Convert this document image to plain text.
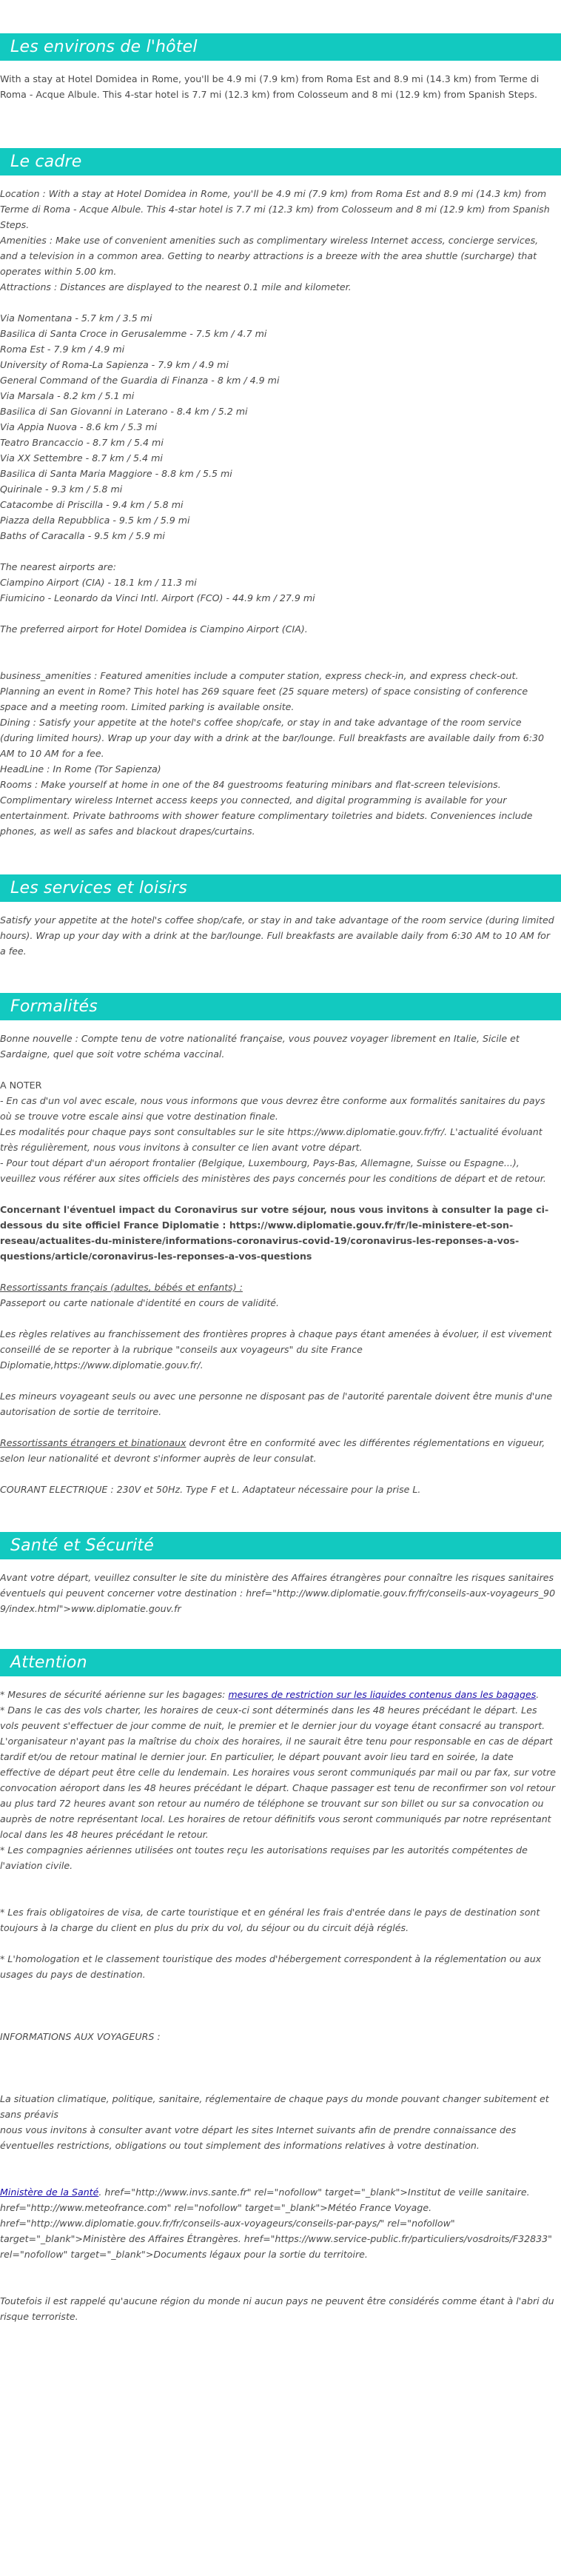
Les environs de l'hôtel

With a stay at Hotel Domidea in Rome, you'll be 4.9 mi (7.9 km) from Roma Est and 8.9 mi (14.3 km) from Terme di Roma - Acque Albule. This 4-star hotel is 7.7 mi (12.3 km) from Colosseum and 8 mi (12.9 km) from Spanish Steps.

Le cadre

Location : With a stay at Hotel Domidea in Rome, you'll be 4.9 mi (7.9 km) from Roma Est and 8.9 mi (14.3 km) from Terme di Roma - Acque Albule. This 4-star hotel is 7.7 mi (12.3 km) from Colosseum and 8 mi (12.9 km) from Spanish Steps.

Amenities : Make use of convenient amenities such as complimentary wireless Internet access, concierge services, and a television in a common area. Getting to nearby attractions is a breeze with the area shuttle (surcharge) that operates within 5.00 km.

Attractions : Distances are displayed to the nearest 0.1 mile and kilometer.

Via Nomentana - 5.7 km / 3.5 mi

Basilica di Santa Croce in Gerusalemme - 7.5 km / 4.7 mi

Roma Est - 7.9 km / 4.9 mi

University of Roma-La Sapienza - 7.9 km / 4.9 mi

General Command of the Guardia di Finanza - 8 km / 4.9 mi

Via Marsala - 8.2 km / 5.1 mi

Basilica di San Giovanni in Laterano - 8.4 km / 5.2 mi

Via Appia Nuova - 8.6 km / 5.3 mi

Teatro Brancaccio - 8.7 km / 5.4 mi

Via XX Settembre - 8.7 km / 5.4 mi

Basilica di Santa Maria Maggiore - 8.8 km / 5.5 mi

Quirinale - 9.3 km / 5.8 mi

Catacombe di Priscilla - 9.4 km / 5.8 mi

Piazza della Repubblica - 9.5 km / 5.9 mi

Baths of Caracalla - 9.5 km / 5.9 mi

The nearest airports are:

Ciampino Airport (CIA) - 18.1 km / 11.3 mi

Fiumicino - Leonardo da Vinci Intl. Airport (FCO) - 44.9 km / 27.9 mi

The preferred airport for Hotel Domidea is Ciampino Airport (CIA).

business_amenities : Featured amenities include a computer station, express check-in, and express check-out. Planning an event in Rome? This hotel has 269 square feet (25 square meters) of space consisting of conference space and a meeting room. Limited parking is available onsite.

Dining : Satisfy your appetite at the hotel's coffee shop/cafe, or stay in and take advantage of the room service (during limited hours). Wrap up your day with a drink at the bar/lounge. Full breakfasts are available daily from 6:30 AM to 10 AM for a fee.

HeadLine : In Rome (Tor Sapienza)

Rooms : Make yourself at home in one of the 84 guestrooms featuring minibars and flat-screen televisions. Complimentary wireless Internet access keeps you connected, and digital programming is available for your entertainment. Private bathrooms with shower feature complimentary toiletries and bidets. Conveniences include phones, as well as safes and blackout drapes/curtains.

Les services et loisirs

Satisfy your appetite at the hotel's coffee shop/cafe, or stay in and take advantage of the room service (during limited hours). Wrap up your day with a drink at the bar/lounge. Full breakfasts are available daily from 6:30 AM to 10 AM for a fee.

Formalités

Bonne nouvelle : Compte tenu de votre nationalité française, vous pouvez voyager librement en Italie, Sicile et Sardaigne, quel que soit votre schéma vaccinal.

A NOTER

- En cas d'un vol avec escale, nous vous informons que vous devrez être conforme aux formalités sanitaires du pays où se trouve votre escale ainsi que votre destination finale.

Les modalités pour chaque pays sont consultables sur le site https://www.diplomatie.gouv.fr/fr/. L'actualité évoluant très régulièrement, nous vous invitons à consulter ce lien avant votre départ.

- Pour tout départ d'un aéroport frontalier (Belgique, Luxembourg, Pays-Bas, Allemagne, Suisse ou Espagne...), veuillez vous référer aux sites officiels des ministères des pays concernés pour les conditions de départ et de retour.

Concernant l'éventuel impact du Coronavirus sur votre séjour, nous vous invitons à consulter la page ci-dessous du site officiel France Diplomatie : https://www.diplomatie.gouv.fr/fr/le-ministere-et-son-reseau/actualites-du-ministere/informations-coronavirus-covid-19/coronavirus-les-reponses-a-vos-questions/article/coronavirus-les-reponses-a-vos-questions

Ressortissants français (adultes, bébés et enfants) :

Passeport ou carte nationale d'identité en cours de validité.

Les règles relatives au franchissement des frontières propres à chaque pays étant amenées à évoluer, il est vivement conseillé de se reporter à la rubrique "conseils aux voyageurs" du site France Diplomatie,https://www.diplomatie.gouv.fr/.

Les mineurs voyageant seuls ou avec une personne ne disposant pas de l'autorité parentale doivent être munis d'une autorisation de sortie de territoire.

Ressortissants étrangers et binationaux devront être en conformité avec les différentes réglementations en vigueur, selon leur nationalité et devront s'informer auprès de leur consulat.

COURANT ELECTRIQUE : 230V et 50Hz. Type F et L. Adaptateur nécessaire pour la prise L.

Santé et Sécurité

Avant votre départ, veuillez consulter le site du ministère des Affaires étrangères pour connaître les risques sanitaires éventuels qui peuvent concerner votre destination : href="http://www.diplomatie.gouv.fr/fr/conseils-aux-voyageurs_909/index.html">www.diplomatie.gouv.fr

Attention

* Mesures de sécurité aérienne sur les bagages: mesures de restriction sur les liquides contenus dans les bagages.

* Dans le cas des vols charter, les horaires de ceux-ci sont déterminés dans les 48 heures précédant le départ. Les vols peuvent s'effectuer de jour comme de nuit, le premier et le dernier jour du voyage étant consacré au transport. L'organisateur n'ayant pas la maîtrise du choix des horaires, il ne saurait être tenu pour responsable en cas de départ tardif et/ou de retour matinal le dernier jour. En particulier, le départ pouvant avoir lieu tard en soirée, la date effective de départ peut être celle du lendemain. Les horaires vous seront communiqués par mail ou par fax, sur votre convocation aéroport dans les 48 heures précédant le départ. Chaque passager est tenu de reconfirmer son vol retour au plus tard 72 heures avant son retour au numéro de téléphone se trouvant sur son billet ou sur sa convocation ou auprès de notre représentant local. Les horaires de retour définitifs vous seront communiqués par notre représentant local dans les 48 heures précédant le retour.

* Les compagnies aériennes utilisées ont toutes reçu les autorisations requises par les autorités compétentes de l'aviation civile.

* Les frais obligatoires de visa, de carte touristique et en général les frais d'entrée dans le pays de destination sont toujours à la charge du client en plus du prix du vol, du séjour ou du circuit déjà réglés.

* L'homologation et le classement touristique des modes d'hébergement correspondent à la réglementation ou aux usages du pays de destination.

INFORMATIONS AUX VOYAGEURS :

La situation climatique, politique, sanitaire, réglementaire de chaque pays du monde pouvant changer subitement et sans préavis

nous vous invitons à consulter avant votre départ les sites Internet suivants afin de prendre connaissance des éventuelles restrictions, obligations ou tout simplement des informations relatives à votre destination.

Ministère de la Santé. href="http://www.invs.sante.fr" rel="nofollow" target="_blank">Institut de veille sanitaire. href="http://www.meteofrance.com" rel="nofollow" target="_blank">Météo France Voyage. href="http://www.diplomatie.gouv.fr/fr/conseils-aux-voyageurs/conseils-par-pays/" rel="nofollow" target="_blank">Ministère des Affaires Étrangères. href="https://www.service-public.fr/particuliers/vosdroits/F32833" rel="nofollow" target="_blank">Documents légaux pour la sortie du territoire.

Toutefois il est rappelé qu'aucune région du monde ni aucun pays ne peuvent être considérés comme étant à l'abri du risque terroriste.
